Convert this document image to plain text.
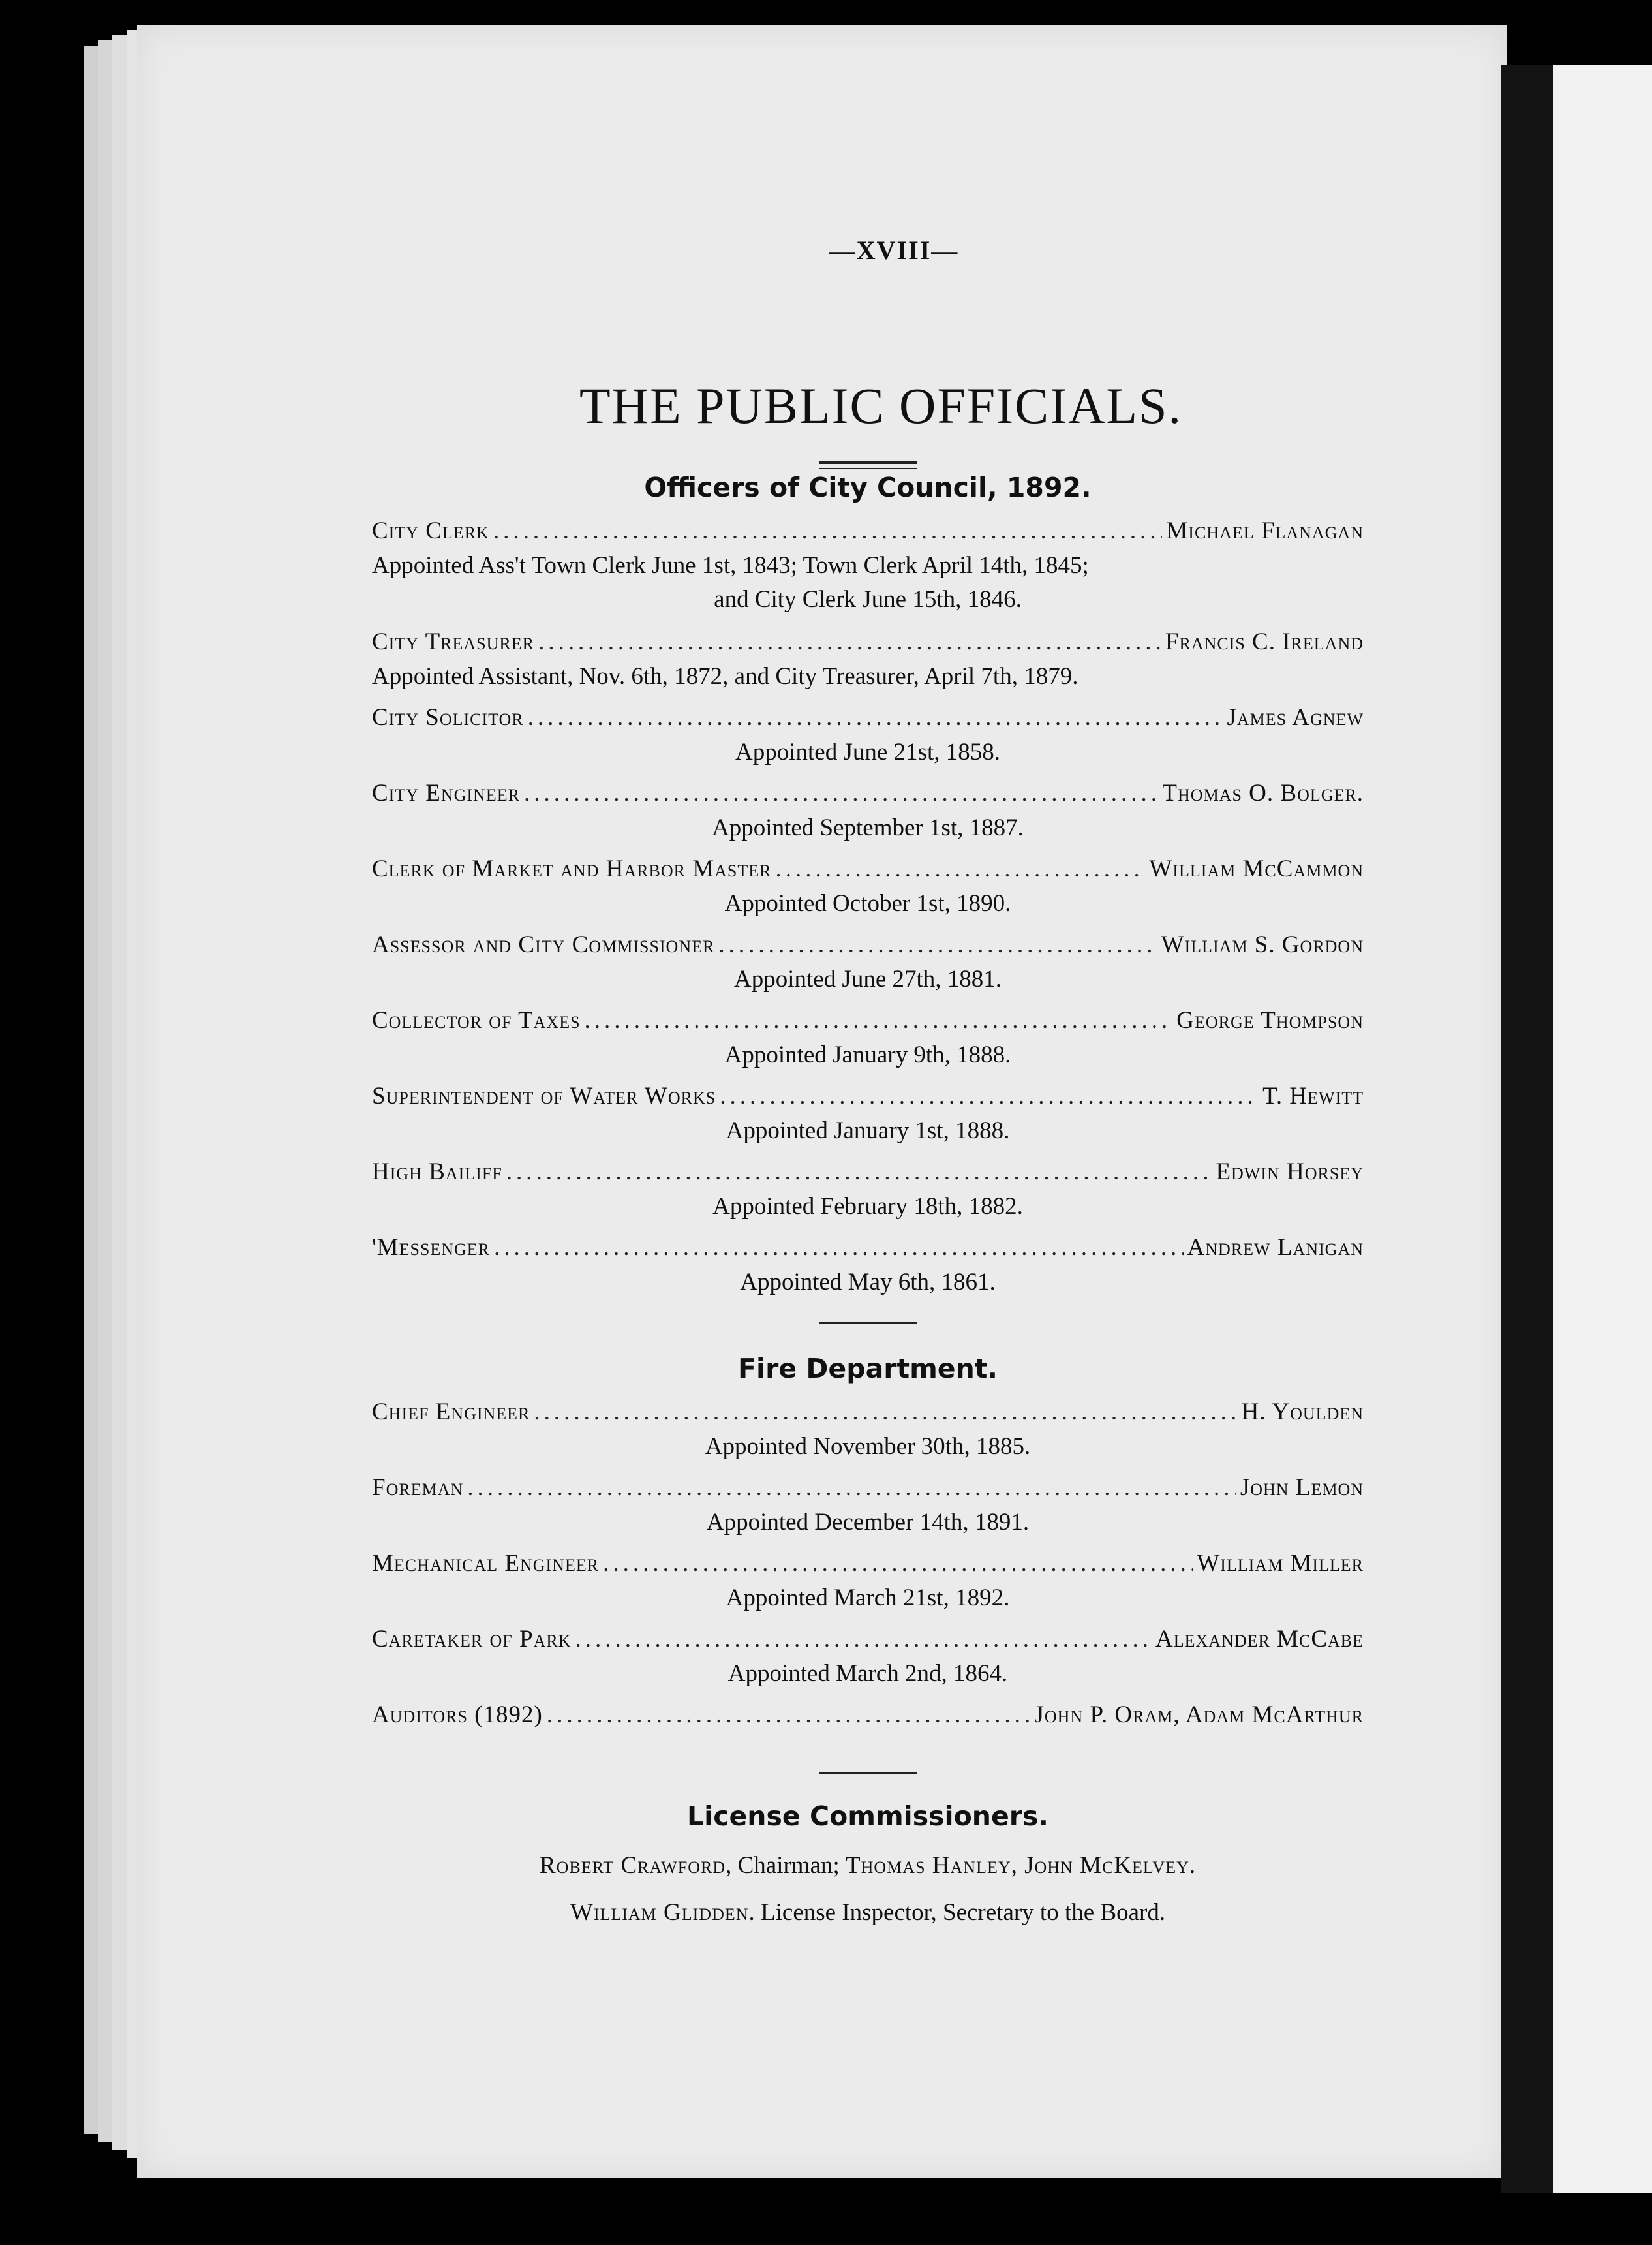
—XVIII—
THE PUBLIC OFFICIALS.
Officers of City Council, 1892.
City Clerk .....	Michael Flanagan
Appointed Ass't Town Clerk June 1st, 1843; Town Clerk April 14th, 1845;
and City Clerk June 15th, 1846.
City Treasurer .....	Francis C. Ireland
Appointed Assistant, Nov. 6th, 1872, and City Treasurer, April 7th, 1879.
City Solicitor .....	James Agnew
Appointed June 21st, 1858.
City Engineer .....	Thomas O. Bolger.
Appointed September 1st, 1887.
Clerk of Market and Harbor Master .....	William McCammon
Appointed October 1st, 1890.
Assessor and City Commissioner .....	William S. Gordon
Appointed June 27th, 1881.
Collector of Taxes .....	George Thompson
Appointed January 9th, 1888.
Superintendent of Water Works .....	T. Hewitt
Appointed January 1st, 1888.
High Bailiff .....	Edwin Horsey
Appointed February 18th, 1882.
'Messenger .....	Andrew Lanigan
Appointed May 6th, 1861.
Fire Department.
Chief Engineer .....	H. Youlden
Appointed November 30th, 1885.
Foreman .....	John Lemon
Appointed December 14th, 1891.
Mechanical Engineer .....	William Miller
Appointed March 21st, 1892.
Caretaker of Park .....	Alexander McCabe
Appointed March 2nd, 1864.
Auditors (1892) .....	John P. Oram, Adam McArthur
License Commissioners.
Robert Crawford, Chairman; Thomas Hanley, John McKelvey.
William Glidden. License Inspector, Secretary to the Board.
